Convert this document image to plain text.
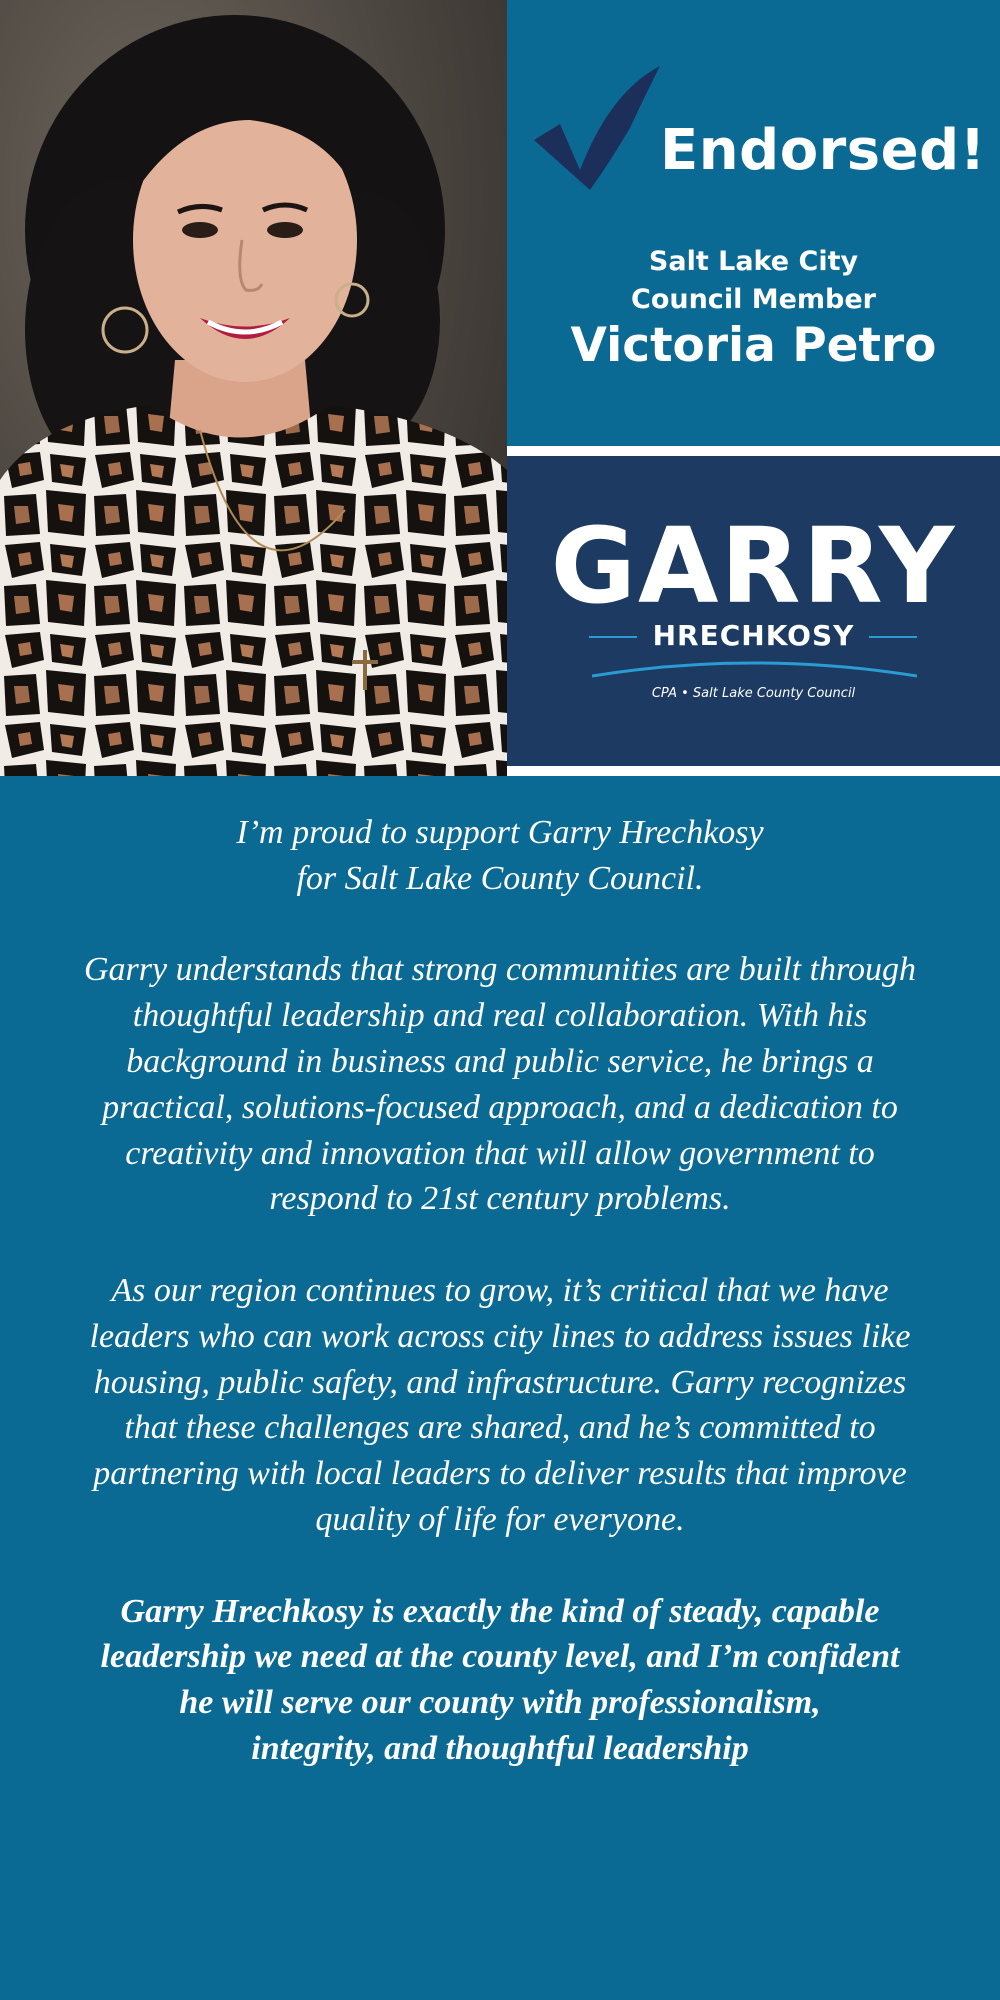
Endorsed!
Salt Lake City
Council Member
Victoria Petro
GARRY
HRECHKOSY
CPA • Salt Lake County Council

I’m proud to support Garry Hrechkosy
for Salt Lake County Council.

Garry understands that strong communities are built through
thoughtful leadership and real collaboration. With his
background in business and public service, he brings a
practical, solutions-focused approach, and a dedication to
creativity and innovation that will allow government to
respond to 21st century problems.

As our region continues to grow, it’s critical that we have
leaders who can work across city lines to address issues like
housing, public safety, and infrastructure. Garry recognizes
that these challenges are shared, and he’s committed to
partnering with local leaders to deliver results that improve
quality of life for everyone.

Garry Hrechkosy is exactly the kind of steady, capable
leadership we need at the county level, and I’m confident
he will serve our county with professionalism,
integrity, and thoughtful leadership
